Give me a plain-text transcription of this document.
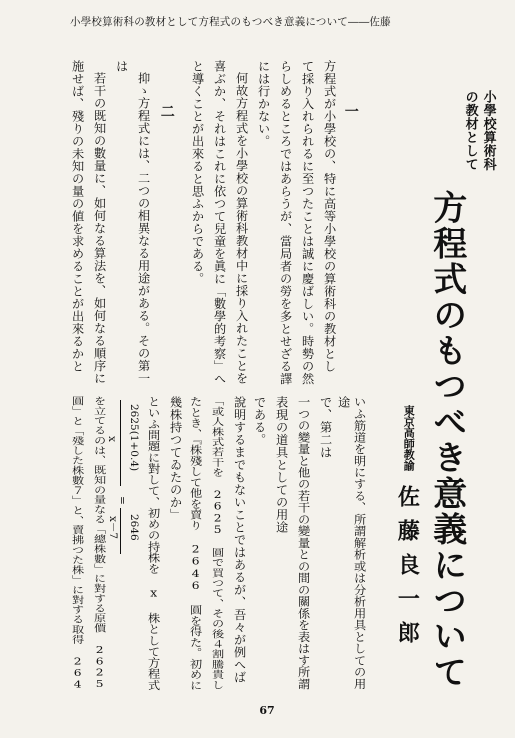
小學校算術科の教材として方程式のもつべき意義について――佐藤
一
方程式が小學校の、特に高等小學校の算術科の教材とし
て採り入れられるに至つたことは誠に慶ばしい。時勢の然
らしめるところではあらうが、當局者の勞を多とせざる譯
には行かない。
何故方程式を小學校の算術科教材中に採り入れたことを
喜ぶか、それはこれに依つて兒童を眞に「數學的考察」へ
と導くことが出來ると思ふからである。
二
抑ゝ方程式には、二つの相異なる用途がある。その第一
は
若干の既知の數量に、如何なる算法を、如何なる順序に
施せば、殘りの未知の量の値を求めることが出來るかと	小學校算術科
の教材として
方程式のもつべき意義について
東京高師教諭
佐藤良一郎
いふ筋道を明にする、所謂解析或は分析用具としての用
途
で、第二は
一つの變量と他の若干の變量との間の關係を表はす所謂
表現の道具としての用途
である。
說明するまでもないことではあるが、吾々が例へば
「或人株式若干を 2625 圓で買つて、その後４割騰貴し
たとき、『株殘して他を賣り 2646 圓を得た。初めに
幾株持つてゐたのか」
といふ問題に對して、初めの持株を x 株として方程式
2625(1+0.4)
x
=
2646
x－7
を立てるのは、既知の量なる「總株數」に對する原價 2625
圓」と「殘した株數７」と、賣拂つた株」に對する取得 264
67
